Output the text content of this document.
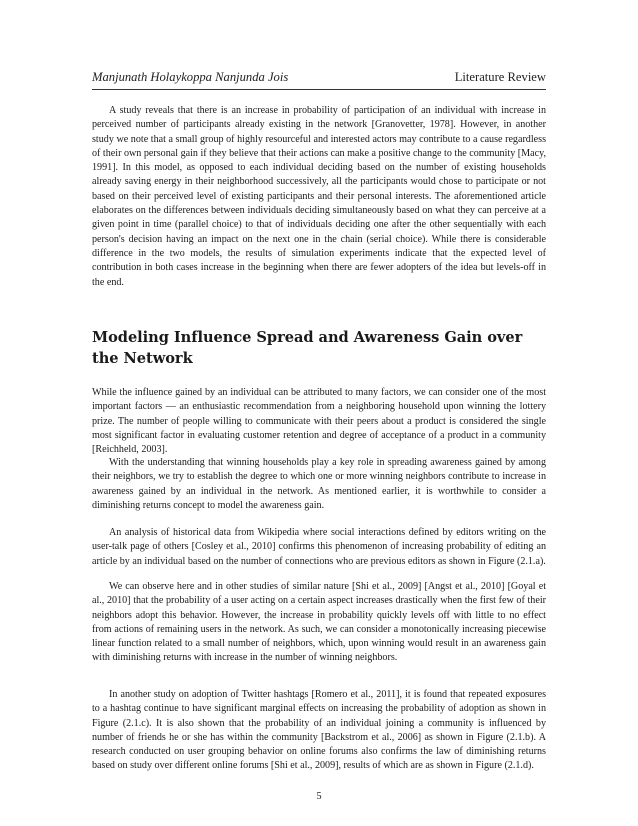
Manjunath Holaykoppa Nanjunda Jois	Literature Review

A study reveals that there is an increase in probability of participation of an individual with increase in perceived number of participants already existing in the network [Granovetter, 1978]. However, in another study we note that a small group of highly resourceful and interested actors may contribute to a cause regardless of their own personal gain if they believe that their actions can make a positive change to the community [Macy, 1991]. In this model, as opposed to each individual deciding based on the number of existing households already saving energy in their neighborhood successively, all the participants would chose to participate or not based on their perceived level of existing participants and their personal interests. The aforementioned article elaborates on the differences between individuals deciding simultaneously based on what they can perceive at a given point in time (parallel choice) to that of individuals deciding one after the other sequentially with each person's decision having an impact on the next one in the chain (serial choice). While there is considerable difference in the two models, the results of simulation experiments indicate that the expected level of contribution in both cases increase in the beginning when there are fewer adopters of the idea but levels-off in the end.

Modeling Influence Spread and Awareness Gain over the Network

While the influence gained by an individual can be attributed to many factors, we can consider one of the most important factors — an enthusiastic recommendation from a neighboring household upon winning the lottery prize. The number of people willing to communicate with their peers about a product is considered the single most significant factor in evaluating customer retention and degree of acceptance of a product in a community [Reichheld, 2003].

With the understanding that winning households play a key role in spreading awareness gained by among their neighbors, we try to establish the degree to which one or more winning neighbors contribute to increase in awareness gained by an individual in the network. As mentioned earlier, it is worthwhile to consider a diminishing returns concept to model the awareness gain.

An analysis of historical data from Wikipedia where social interactions defined by editors writing on the user-talk page of others [Cosley et al., 2010] confirms this phenomenon of increasing probability of editing an article by an individual based on the number of connections who are previous editors as shown in Figure (2.1.a).

We can observe here and in other studies of similar nature [Shi et al., 2009] [Angst et al., 2010] [Goyal et al., 2010] that the probability of a user acting on a certain aspect increases drastically when the first few of their neighbors adopt this behavior. However, the increase in probability quickly levels off with little to no effect from actions of remaining users in the network. As such, we can consider a monotonically increasing piecewise linear function related to a small number of neighbors, which, upon winning would result in an awareness gain with diminishing returns with increase in the number of winning neighbors.

In another study on adoption of Twitter hashtags [Romero et al., 2011], it is found that repeated exposures to a hashtag continue to have significant marginal effects on increasing the probability of adoption as shown in Figure (2.1.c). It is also shown that the probability of an individual joining a community is influenced by number of friends he or she has within the community [Backstrom et al., 2006] as shown in Figure (2.1.b). A research conducted on user grouping behavior on online forums also confirms the law of diminishing returns based on study over different online forums [Shi et al., 2009], results of which are as shown in Figure (2.1.d).

5
